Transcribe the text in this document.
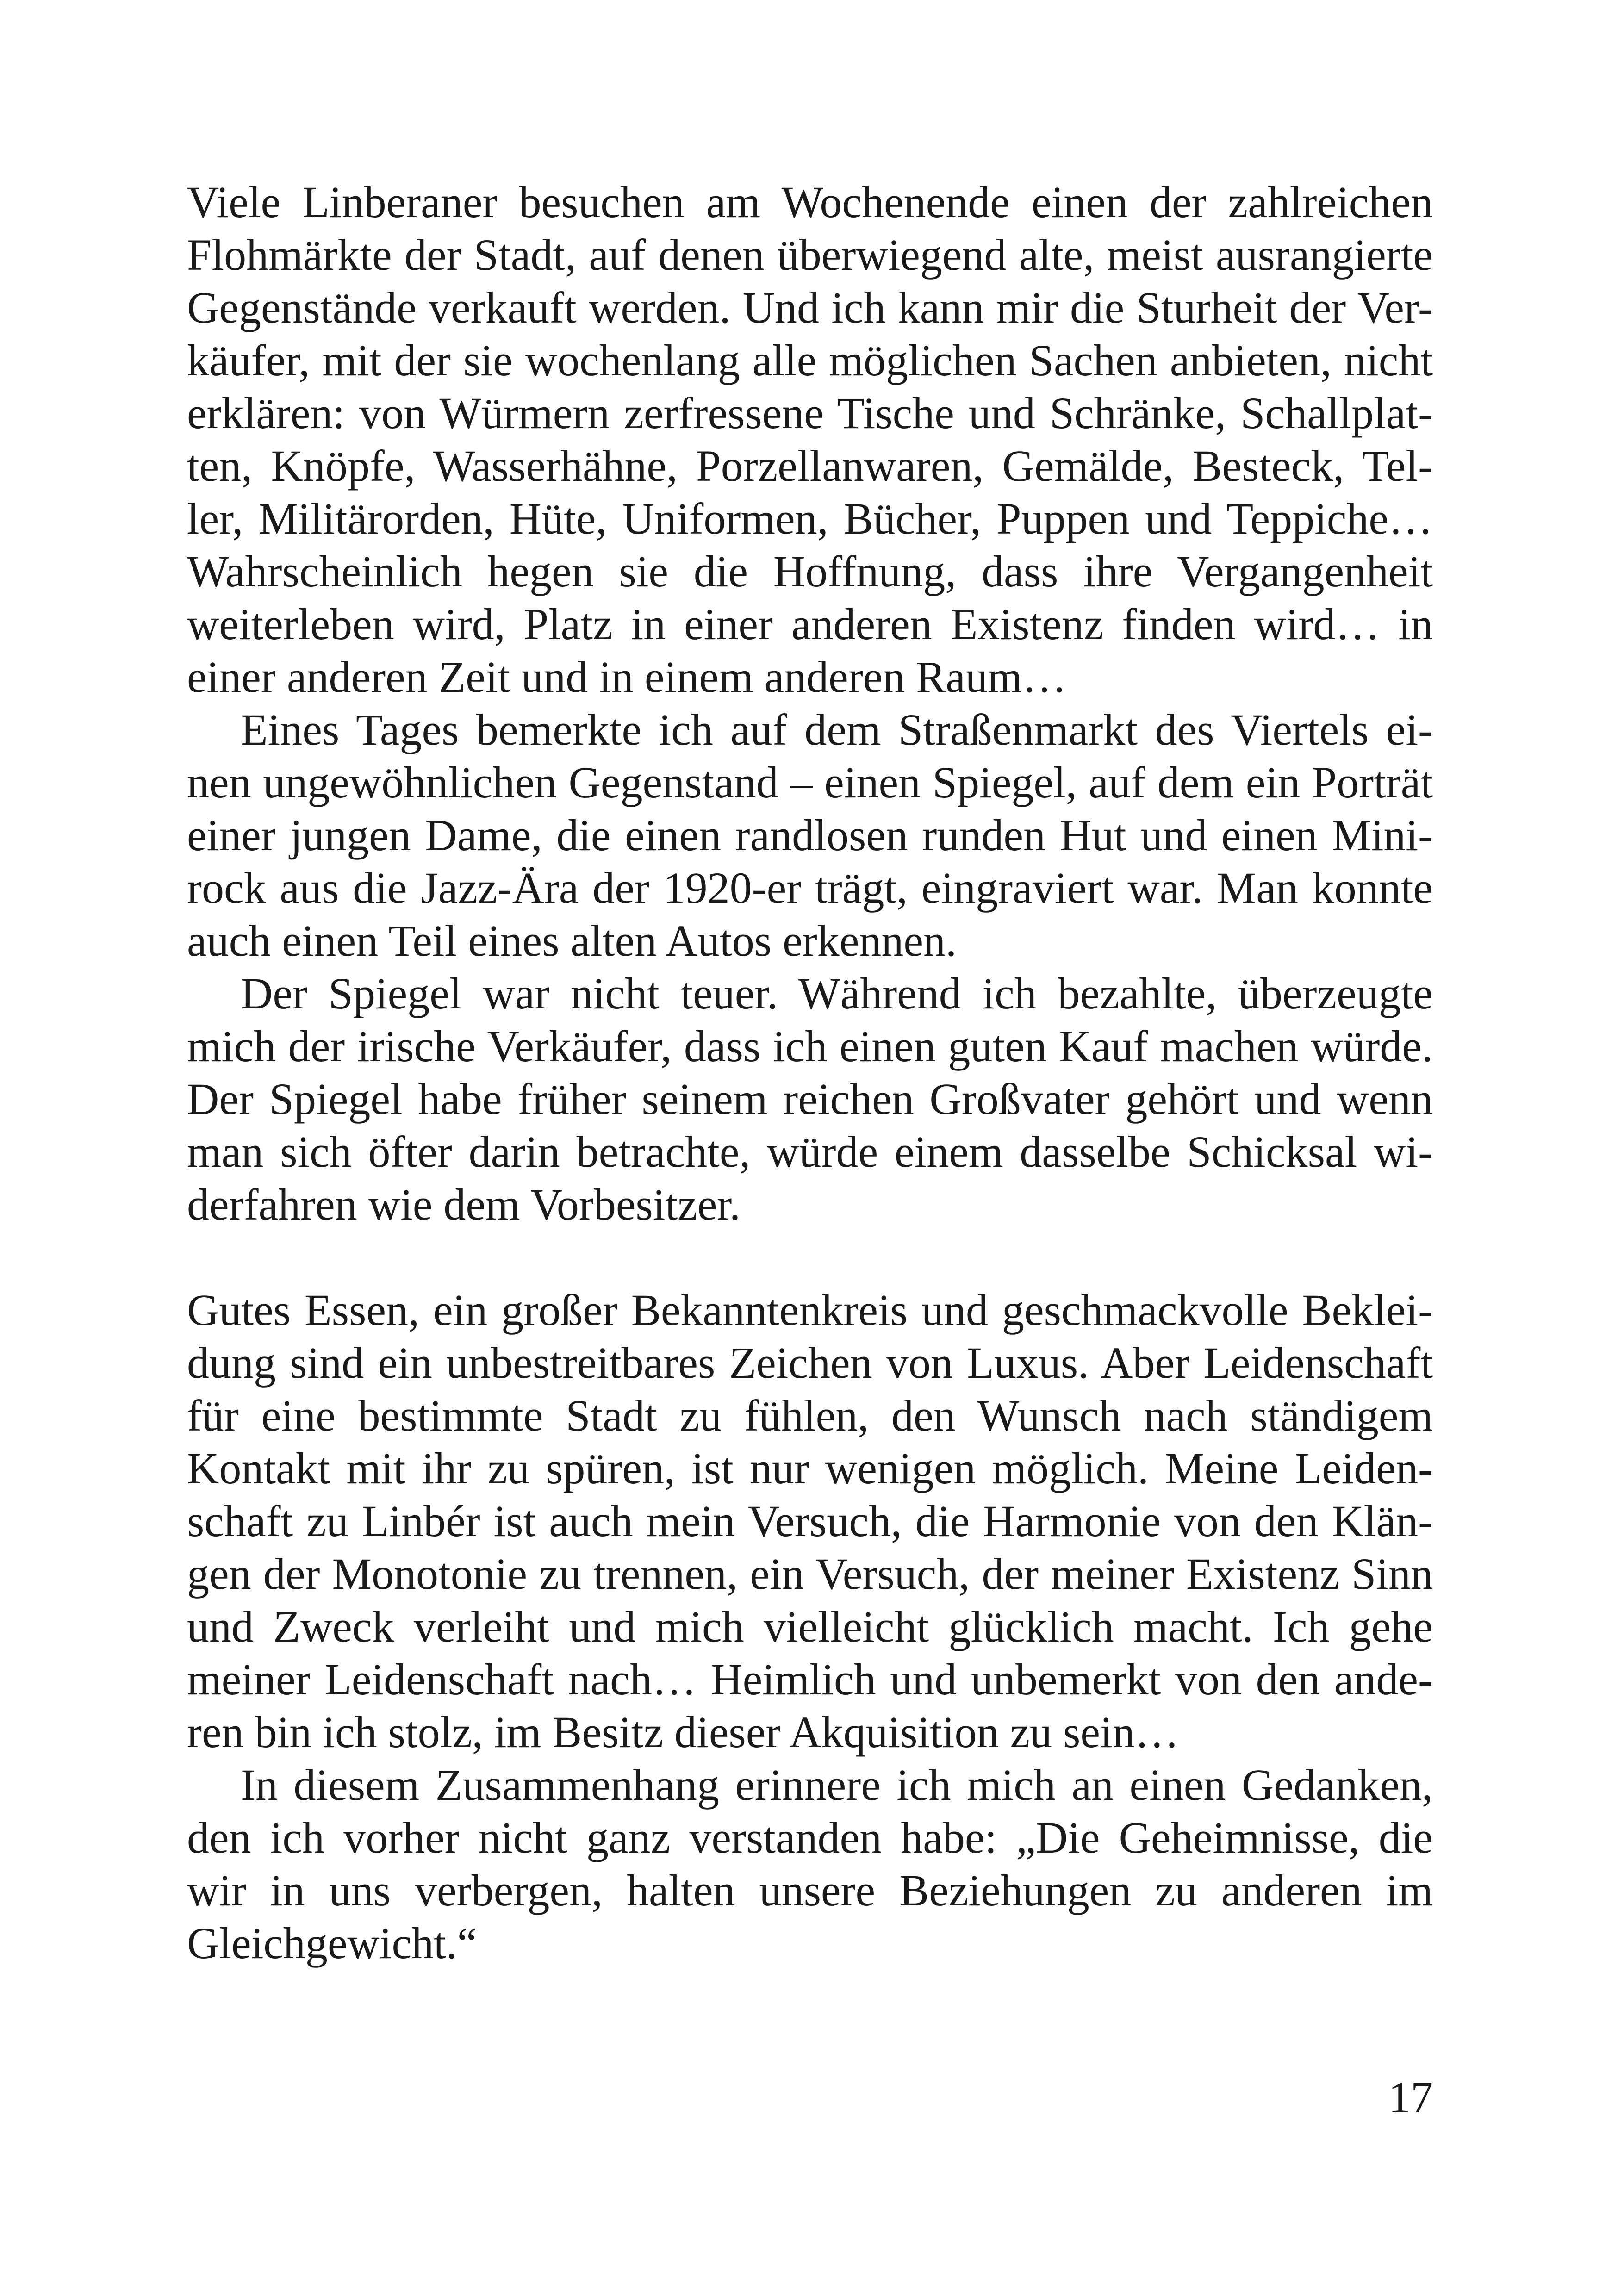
Viele Linberaner besuchen am Wochenende einen der zahlreichen
Flohmärkte der Stadt, auf denen überwiegend alte, meist ausrangierte
Gegenstände verkauft werden. Und ich kann mir die Sturheit der Ver-
käufer, mit der sie wochenlang alle möglichen Sachen anbieten, nicht
erklären: von Würmern zerfressene Tische und Schränke, Schallplat-
ten, Knöpfe, Wasserhähne, Porzellanwaren, Gemälde, Besteck, Tel-
ler, Militärorden, Hüte, Uniformen, Bücher, Puppen und Teppiche…
Wahrscheinlich hegen sie die Hoffnung, dass ihre Vergangenheit
weiterleben wird, Platz in einer anderen Existenz finden wird… in
einer anderen Zeit und in einem anderen Raum…

Eines Tages bemerkte ich auf dem Straßenmarkt des Viertels ei-
nen ungewöhnlichen Gegenstand – einen Spiegel, auf dem ein Porträt
einer jungen Dame, die einen randlosen runden Hut und einen Mini-
rock aus die Jazz-Ära der 1920-er trägt, eingraviert war. Man konnte
auch einen Teil eines alten Autos erkennen.

Der Spiegel war nicht teuer. Während ich bezahlte, überzeugte
mich der irische Verkäufer, dass ich einen guten Kauf machen würde.
Der Spiegel habe früher seinem reichen Großvater gehört und wenn
man sich öfter darin betrachte, würde einem dasselbe Schicksal wi-
derfahren wie dem Vorbesitzer.

Gutes Essen, ein großer Bekanntenkreis und geschmackvolle Beklei-
dung sind ein unbestreitbares Zeichen von Luxus. Aber Leidenschaft
für eine bestimmte Stadt zu fühlen, den Wunsch nach ständigem
Kontakt mit ihr zu spüren, ist nur wenigen möglich. Meine Leiden-
schaft zu Linbér ist auch mein Versuch, die Harmonie von den Klän-
gen der Monotonie zu trennen, ein Versuch, der meiner Existenz Sinn
und Zweck verleiht und mich vielleicht glücklich macht. Ich gehe
meiner Leidenschaft nach… Heimlich und unbemerkt von den ande-
ren bin ich stolz, im Besitz dieser Akquisition zu sein…

In diesem Zusammenhang erinnere ich mich an einen Gedanken,
den ich vorher nicht ganz verstanden habe: „Die Geheimnisse, die
wir in uns verbergen, halten unsere Beziehungen zu anderen im
Gleichgewicht.“

17
